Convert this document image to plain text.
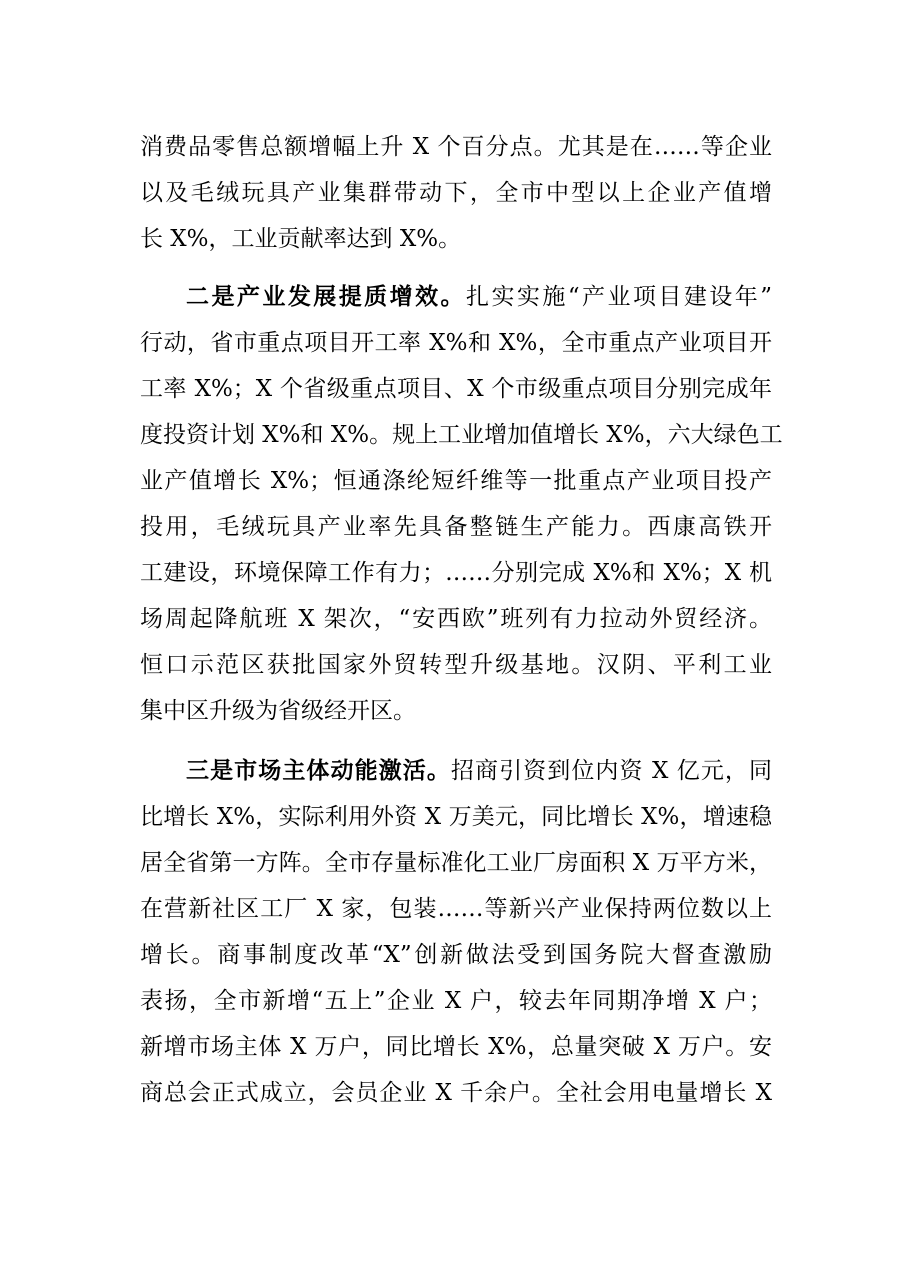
消费品零售总额增幅上升 X 个百分点。尤其是在……等企业
以及毛绒玩具产业集群带动下，全市中型以上企业产值增
长 X%，工业贡献率达到 X%。
二是产业发展提质增效。扎实实施“产业项目建设年”
行动，省市重点项目开工率 X%和 X%，全市重点产业项目开
工率 X%；X 个省级重点项目、X 个市级重点项目分别完成年
度投资计划 X%和 X%。规上工业增加值增长 X%，六大绿色工
业产值增长 X%；恒通涤纶短纤维等一批重点产业项目投产
投用，毛绒玩具产业率先具备整链生产能力。西康高铁开
工建设，环境保障工作有力；……分别完成 X%和 X%；X 机
场周起降航班 X 架次，“安西欧”班列有力拉动外贸经济。
恒口示范区获批国家外贸转型升级基地。汉阴、平利工业
集中区升级为省级经开区。
三是市场主体动能激活。招商引资到位内资 X 亿元，同
比增长 X%，实际利用外资 X 万美元，同比增长 X%，增速稳
居全省第一方阵。全市存量标准化工业厂房面积 X 万平方米，
在营新社区工厂 X 家，包装……等新兴产业保持两位数以上
增长。商事制度改革“X”创新做法受到国务院大督查激励
表扬，全市新增“五上”企业 X 户，较去年同期净增 X 户；
新增市场主体 X 万户，同比增长 X%，总量突破 X 万户。安
商总会正式成立，会员企业 X 千余户。全社会用电量增长 X
